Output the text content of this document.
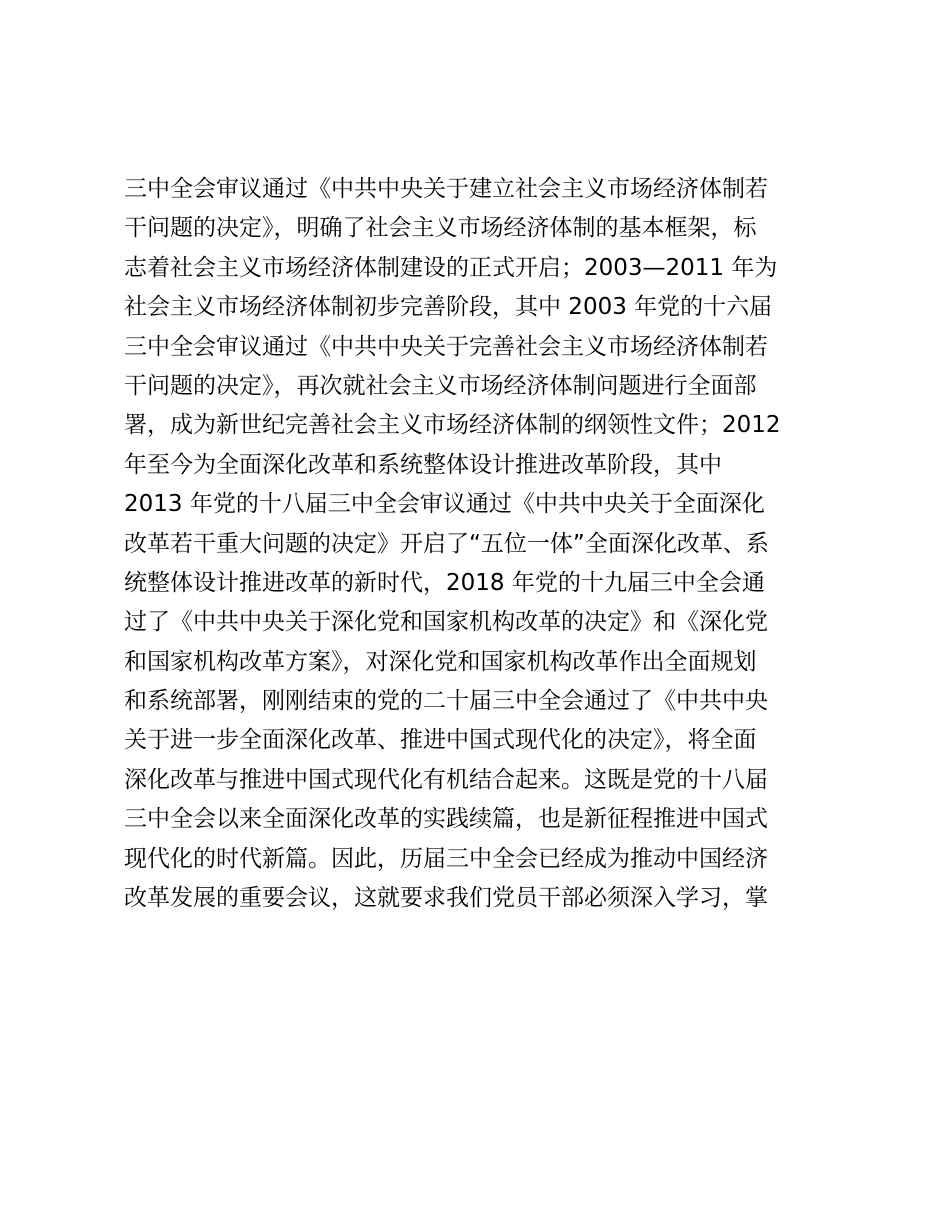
三中全会审议通过《中共中央关于建立社会主义市场经济体制若
干问题的决定》，明确了社会主义市场经济体制的基本框架，标
志着社会主义市场经济体制建设的正式开启；2003—2011 年为
社会主义市场经济体制初步完善阶段，其中 2003 年党的十六届
三中全会审议通过《中共中央关于完善社会主义市场经济体制若
干问题的决定》，再次就社会主义市场经济体制问题进行全面部
署，成为新世纪完善社会主义市场经济体制的纲领性文件；2012
年至今为全面深化改革和系统整体设计推进改革阶段，其中
2013 年党的十八届三中全会审议通过《中共中央关于全面深化
改革若干重大问题的决定》开启了“五位一体”全面深化改革、系
统整体设计推进改革的新时代，2018 年党的十九届三中全会通
过了《中共中央关于深化党和国家机构改革的决定》和《深化党
和国家机构改革方案》，对深化党和国家机构改革作出全面规划
和系统部署，刚刚结束的党的二十届三中全会通过了《中共中央
关于进一步全面深化改革、推进中国式现代化的决定》，将全面
深化改革与推进中国式现代化有机结合起来。这既是党的十八届
三中全会以来全面深化改革的实践续篇，也是新征程推进中国式
现代化的时代新篇。因此，历届三中全会已经成为推动中国经济
改革发展的重要会议，这就要求我们党员干部必须深入学习，掌
